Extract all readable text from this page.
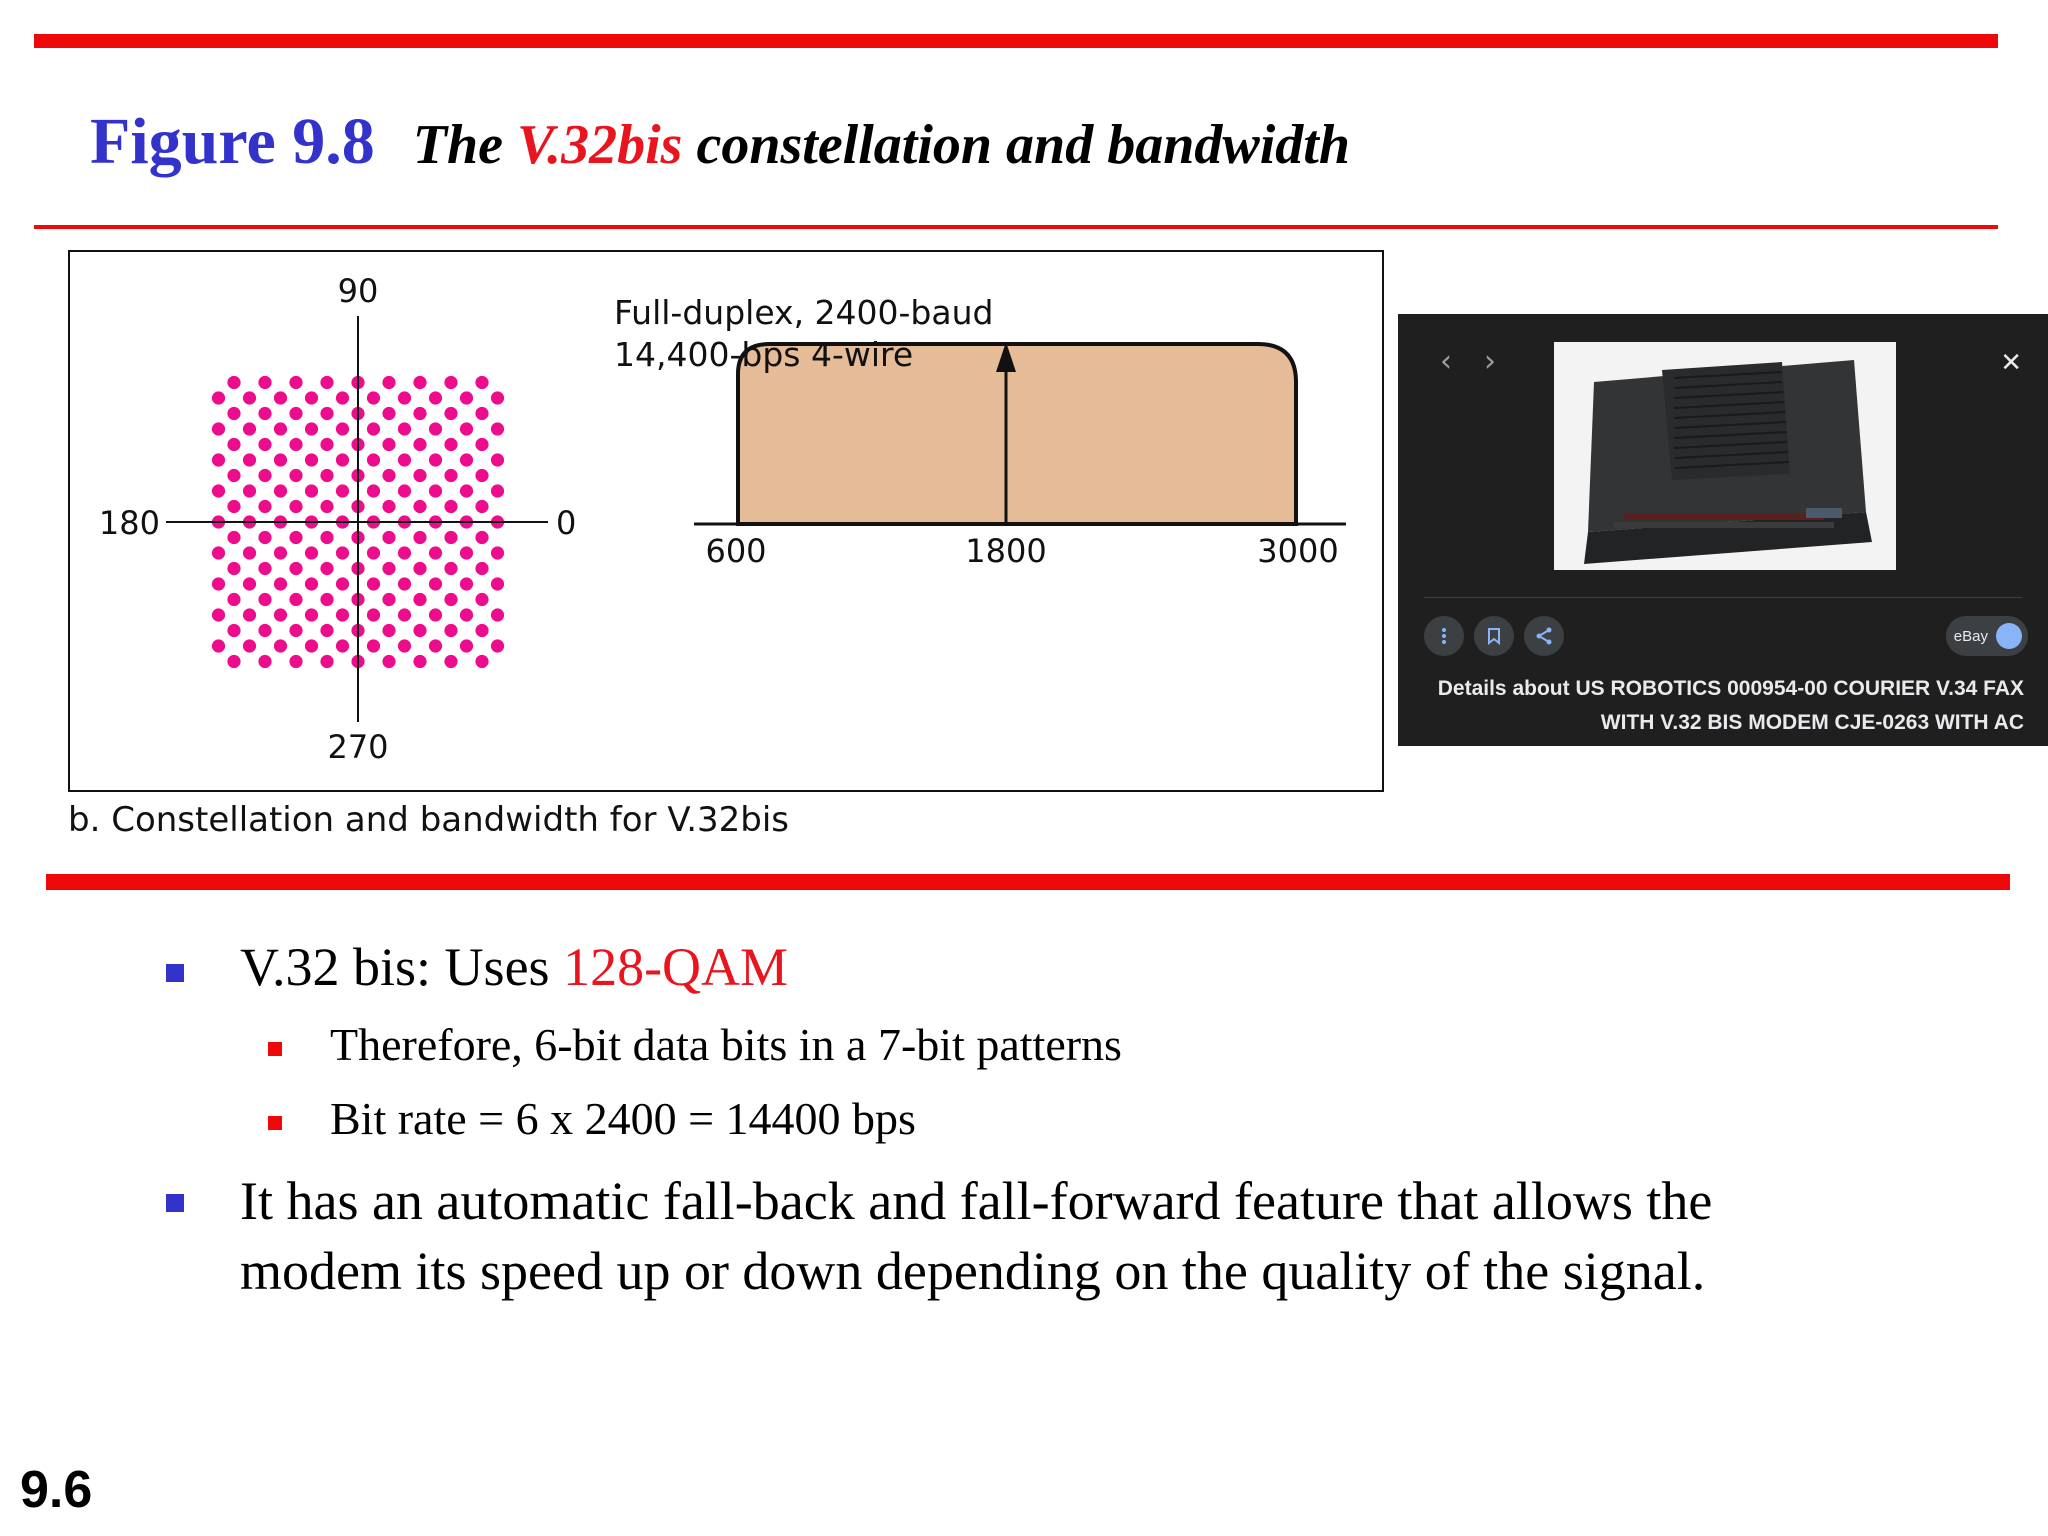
Figure 9.8 The V.32bis constellation and bandwidth
90
180	0
270
Full-duplex, 2400-baud
14,400-bps 4-wire
600	1800	3000
b. Constellation and bandwidth for V.32bis
‹ ›	✕
eBay
Details about US ROBOTICS 000954-00 COURIER V.34 FAX
WITH V.32 BIS MODEM CJE-0263 WITH AC
V.32 bis: Uses 128-QAM
Therefore, 6-bit data bits in a 7-bit patterns
Bit rate = 6 x 2400 = 14400 bps
It has an automatic fall-back and fall-forward feature that allows the
modem its speed up or down depending on the quality of the signal.
9.6
